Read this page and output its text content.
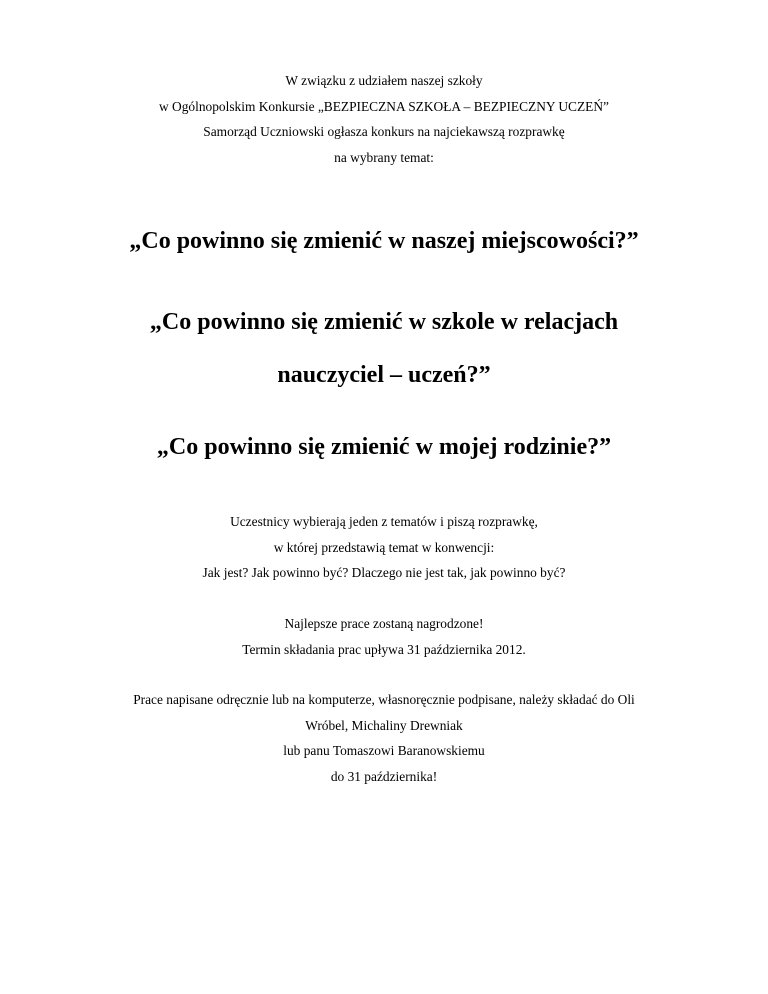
W związku z udziałem naszej szkoły
w Ogólnopolskim Konkursie „BEZPIECZNA SZKOŁA – BEZPIECZNY UCZEŃ”
Samorząd Uczniowski ogłasza konkurs na najciekawszą rozprawkę
na wybrany temat:
„Co powinno się zmienić w naszej miejscowości?”
„Co powinno się zmienić w szkole w relacjach
nauczyciel – uczeń?”
„Co powinno się zmienić w mojej rodzinie?”
Uczestnicy wybierają jeden z tematów i piszą rozprawkę,
w której przedstawią temat w konwencji:
Jak jest? Jak powinno być? Dlaczego nie jest tak, jak powinno być?
Najlepsze prace zostaną nagrodzone!
Termin składania prac upływa 31 października 2012.
Prace napisane odręcznie lub na komputerze, własnoręcznie podpisane, należy składać do Oli
Wróbel, Michaliny Drewniak
lub panu Tomaszowi Baranowskiemu
do 31 października!
